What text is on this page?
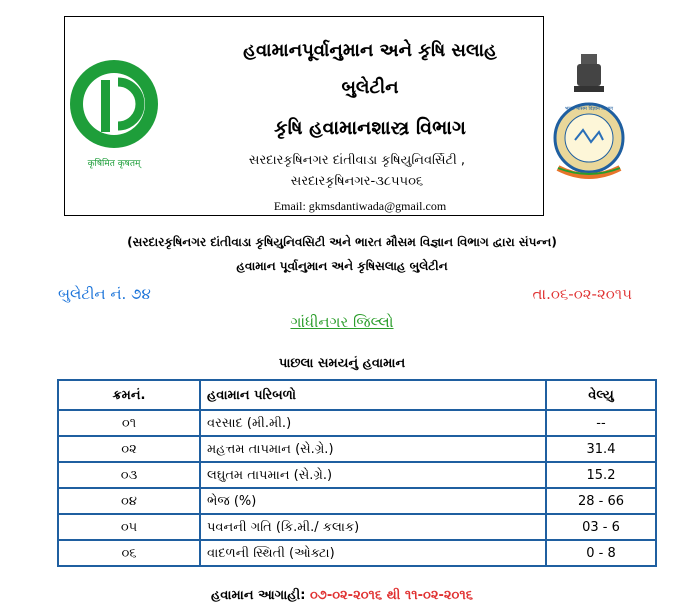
कृषिमित कृषतम्
भारत मौसम विज्ञान विभाग
હવામાનપૂર્વાનુમાન અને કૃષિ સલાહ
બુલેટીન
કૃષિ હવામાનશાસ્ત્ર વિભાગ
સરદારકૃષિનગર દાંતીવાડા કૃષિયુનિવર્સિટી , સરદારકૃષિનગર-૩૮૫૫૦૬
Email: gkmsdantiwada@gmail.com
(સરદારકૃષિનગર દાંતીવાડા કૃષિયુનિવસિટી અને ભારત મૌસમ વિજ્ઞાન વિભાગ દ્વારા સંપન્ન)
હવામાન પૂર્વાનુમાન અને કૃષિસલાહ બુલેટીન
બુલેટીન નં. ૭૪	તા.૦૬-૦૨-૨૦૧૫
ગાંધીનગર જિલ્લો
પાછલા સમયનું હવામાન
ક્રમનં.	હવામાન પરિબળો	વેલ્યુ
૦૧	વરસાદ (મી.મી.)	--
૦૨	મહત્તમ તાપમાન (સે.ગ્રે.)	31.4
૦૩	લઘુતમ તાપમાન (સે.ગ્રે.)	15.2
૦૪	ભેજ (%)	28 - 66
૦૫	પવનની ગતિ (કિ.મી./ કલાક)	03 - 6
૦૬	વાદળની સ્થિતી (ઓક્ટા)	0 - 8
હવામાન આગાહી: ૦૭-૦૨-૨૦૧૬ થી ૧૧-૦૨-૨૦૧૬
